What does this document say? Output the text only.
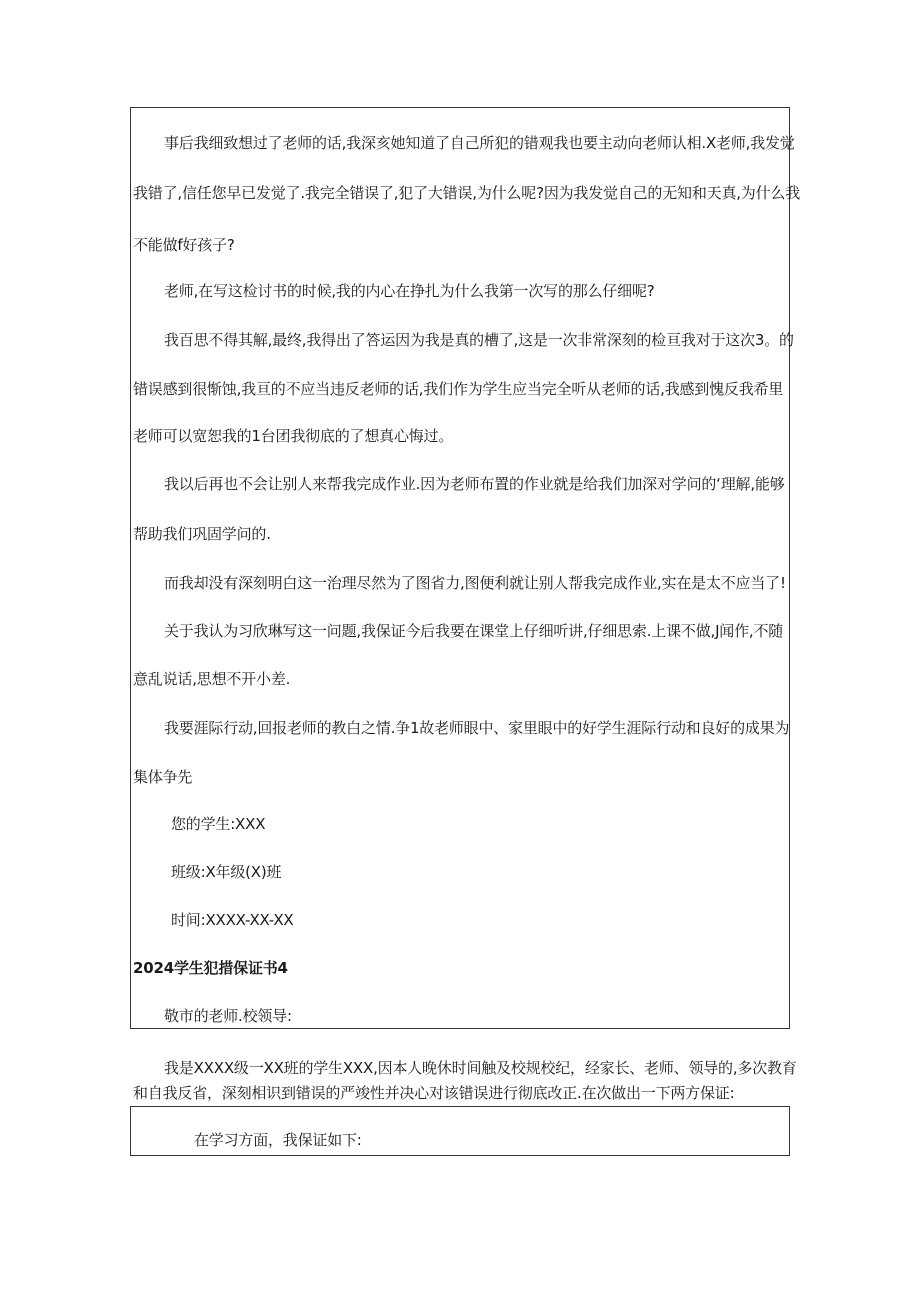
事后我细致想过了老师的话,我深亥她知道了自己所犯的错观我也要主动向老师认相.X老师,我发觉
我错了,信任您早已发觉了.我完全错误了,犯了大错误,为什么呢?因为我发觉自己的无知和天真,为什么我
不能做f好孩子?
老师,在写这检讨书的时候,我的内心在挣扎为什么我第一次写的那么仔细呢?
我百思不得其解,最终,我得出了答运因为我是真的槽了,这是一次非常深刻的检亘我对于这次3。的
错误感到很惭蚀,我亘的不应当违反老师的话,我们作为学生应当完全听从老师的话,我感到愧反我希里
老师可以宽恕我的1台团我彻底的了想真心悔过。
我以后再也不会让别人来帮我完成作业.因为老师布置的作业就是给我们加深对学问的‘理解,能够
帮助我们巩固学问的.
而我却没有深刻明白这一治理尽然为了图省力,图便利就让别人帮我完成作业,实在是太不应当了!
关于我认为习欣琳写这一问题,我保证今后我要在课堂上仔细听讲,仔细思索.上课不做,J闻作,不随
意乱说话,思想不开小差.
我要涯际行动,回报老师的教白之情.争1故老师眼中、家里眼中的好学生涯际行动和良好的成果为
集体争先
您的学生:XXX
班级:X年级(X)班
时间:XXXX-XX-XX
2024学生犯措保证书4
敬市的老师.校领导:
我是XXXX级一XX班的学生XXX,因本人晚休时间触及校规校纪，经家长、老师、领导的,多次教育
和自我反省，深刻相识到错误的严竣性并决心对该错误进行彻底改正.在次做出一下两方保证:
在学习方面，我保证如下:
